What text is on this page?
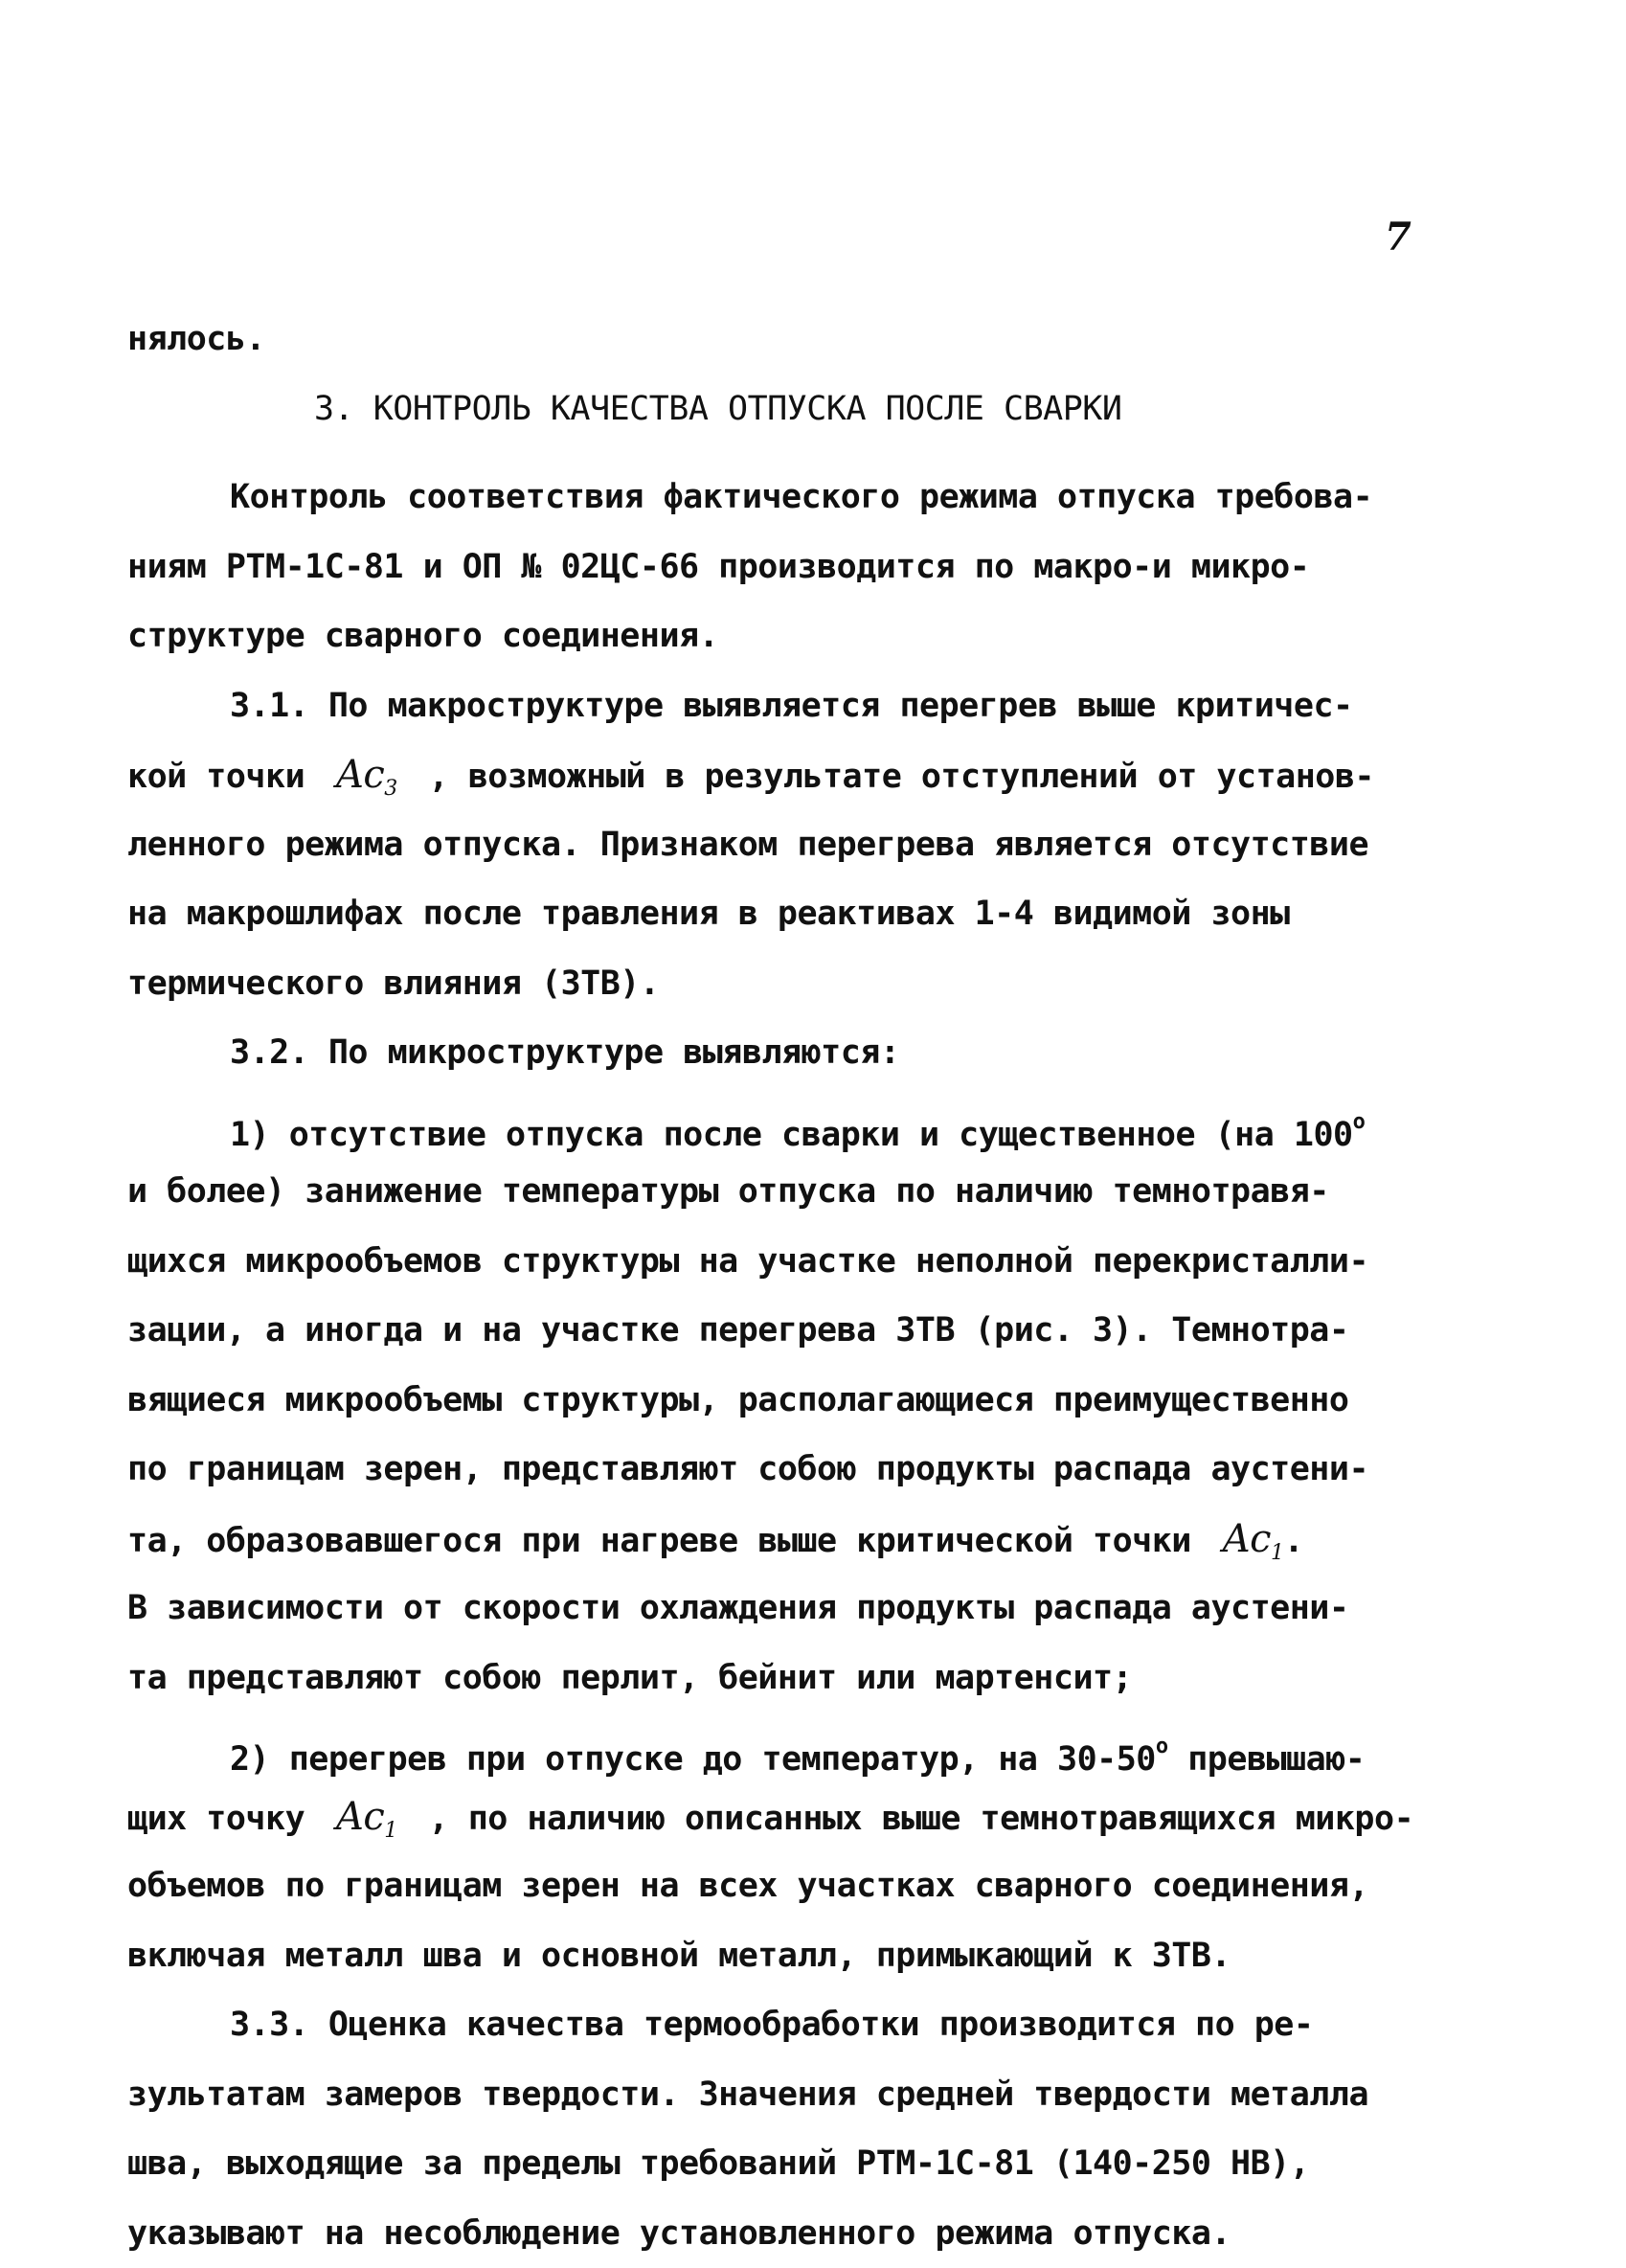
7
нялось.
3. КОНТРОЛЬ КАЧЕСТВА ОТПУСКА ПОСЛЕ СВАРКИ
Контроль соответствия фактического режима отпуска требова-
ниям РТМ-1С-81 и ОП № 02ЦС-66 производится по макро-и микро-
структуре сварного соединения.
3.1. По макроструктуре выявляется перегрев выше критичес-
кой точки $Ac_3$ , возможный в результате отступлений от установ-
ленного режима отпуска. Признаком перегрева является отсутствие
на макрошлифах после травления в реактивах 1-4 видимой зоны
термического влияния (ЗТВ).
3.2. По микроструктуре выявляются:
1) отсутствие отпуска после сварки и существенное (на $100^о$
и более) занижение температуры отпуска по наличию темнотравя-
щихся микрообъемов структуры на участке неполной перекристалли-
зации, а иногда и на участке перегрева ЗТВ (рис. 3). Темнотра-
вящиеся микрообъемы структуры, располагающиеся преимущественно
по границам зерен, представляют собою продукты распада аустени-
та, образовавшегося при нагреве выше критической точки $Ac_1$.
В зависимости от скорости охлаждения продукты распада аустени-
та представляют собою перлит, бейнит или мартенсит;
2) перегрев при отпуске до температур, на $30-50^о$ превышаю-
щих точку $Ac_1$ , по наличию описанных выше темнотравящихся микро-
объемов по границам зерен на всех участках сварного соединения,
включая металл шва и основной металл, примыкающий к ЗТВ.
3.3. Оценка качества термообработки производится по ре-
зультатам замеров твердости. Значения средней твердости металла
шва, выходящие за пределы требований РТМ-1С-81 (140-250 НВ),
указывают на несоблюдение установленного режима отпуска.
